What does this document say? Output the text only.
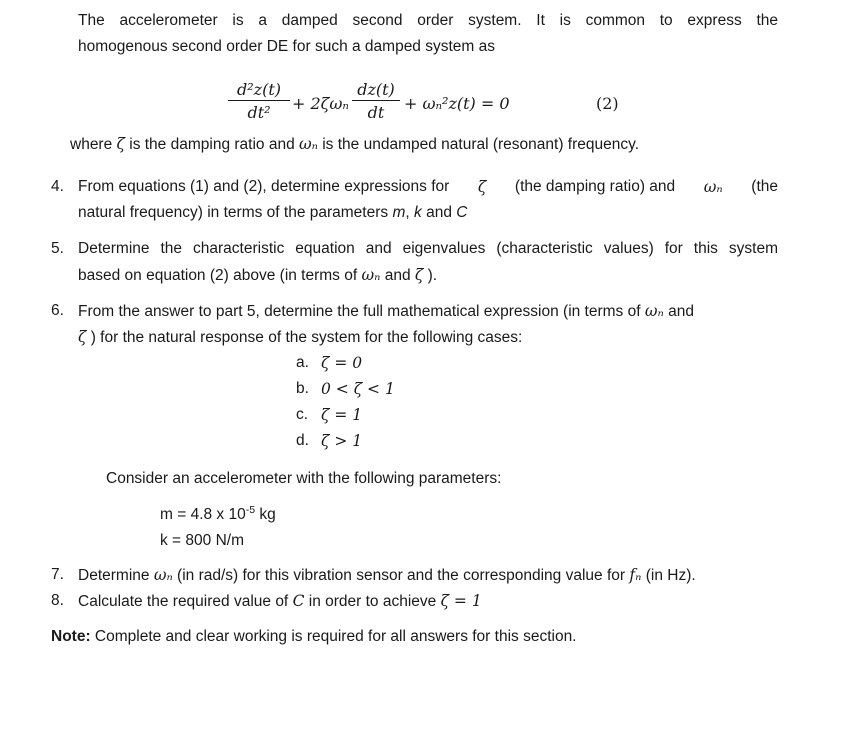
The accelerometer is a damped second order system. It is common to express the
homogenous second order DE for such a damped system as
d²z(t)
dt²	+ 2ζωₙ
dz(t)
dt	+ ωₙ²z(t) = 0	(2)
where ζ is the damping ratio and ωₙ is the undamped natural (resonant) frequency.
4. From equations (1) and (2), determine expressions for ζ (the damping ratio) and ωₙ (the
natural frequency) in terms of the parameters m, k and C
5. Determine the characteristic equation and eigenvalues (characteristic values) for this system
based on equation (2) above (in terms of ωₙ and ζ ).
6. From the answer to part 5, determine the full mathematical expression (in terms of ωₙ and
ζ ) for the natural response of the system for the following cases:
a. ζ = 0
b. 0 < ζ < 1
c. ζ = 1
d. ζ > 1
Consider an accelerometer with the following parameters:
m = 4.8 x $10^{-5}$ kg
k = 800 N/m
7. Determine ωₙ (in rad/s) for this vibration sensor and the corresponding value for fₙ (in Hz).
8. Calculate the required value of C in order to achieve ζ = 1
Note: Complete and clear working is required for all answers for this section.
